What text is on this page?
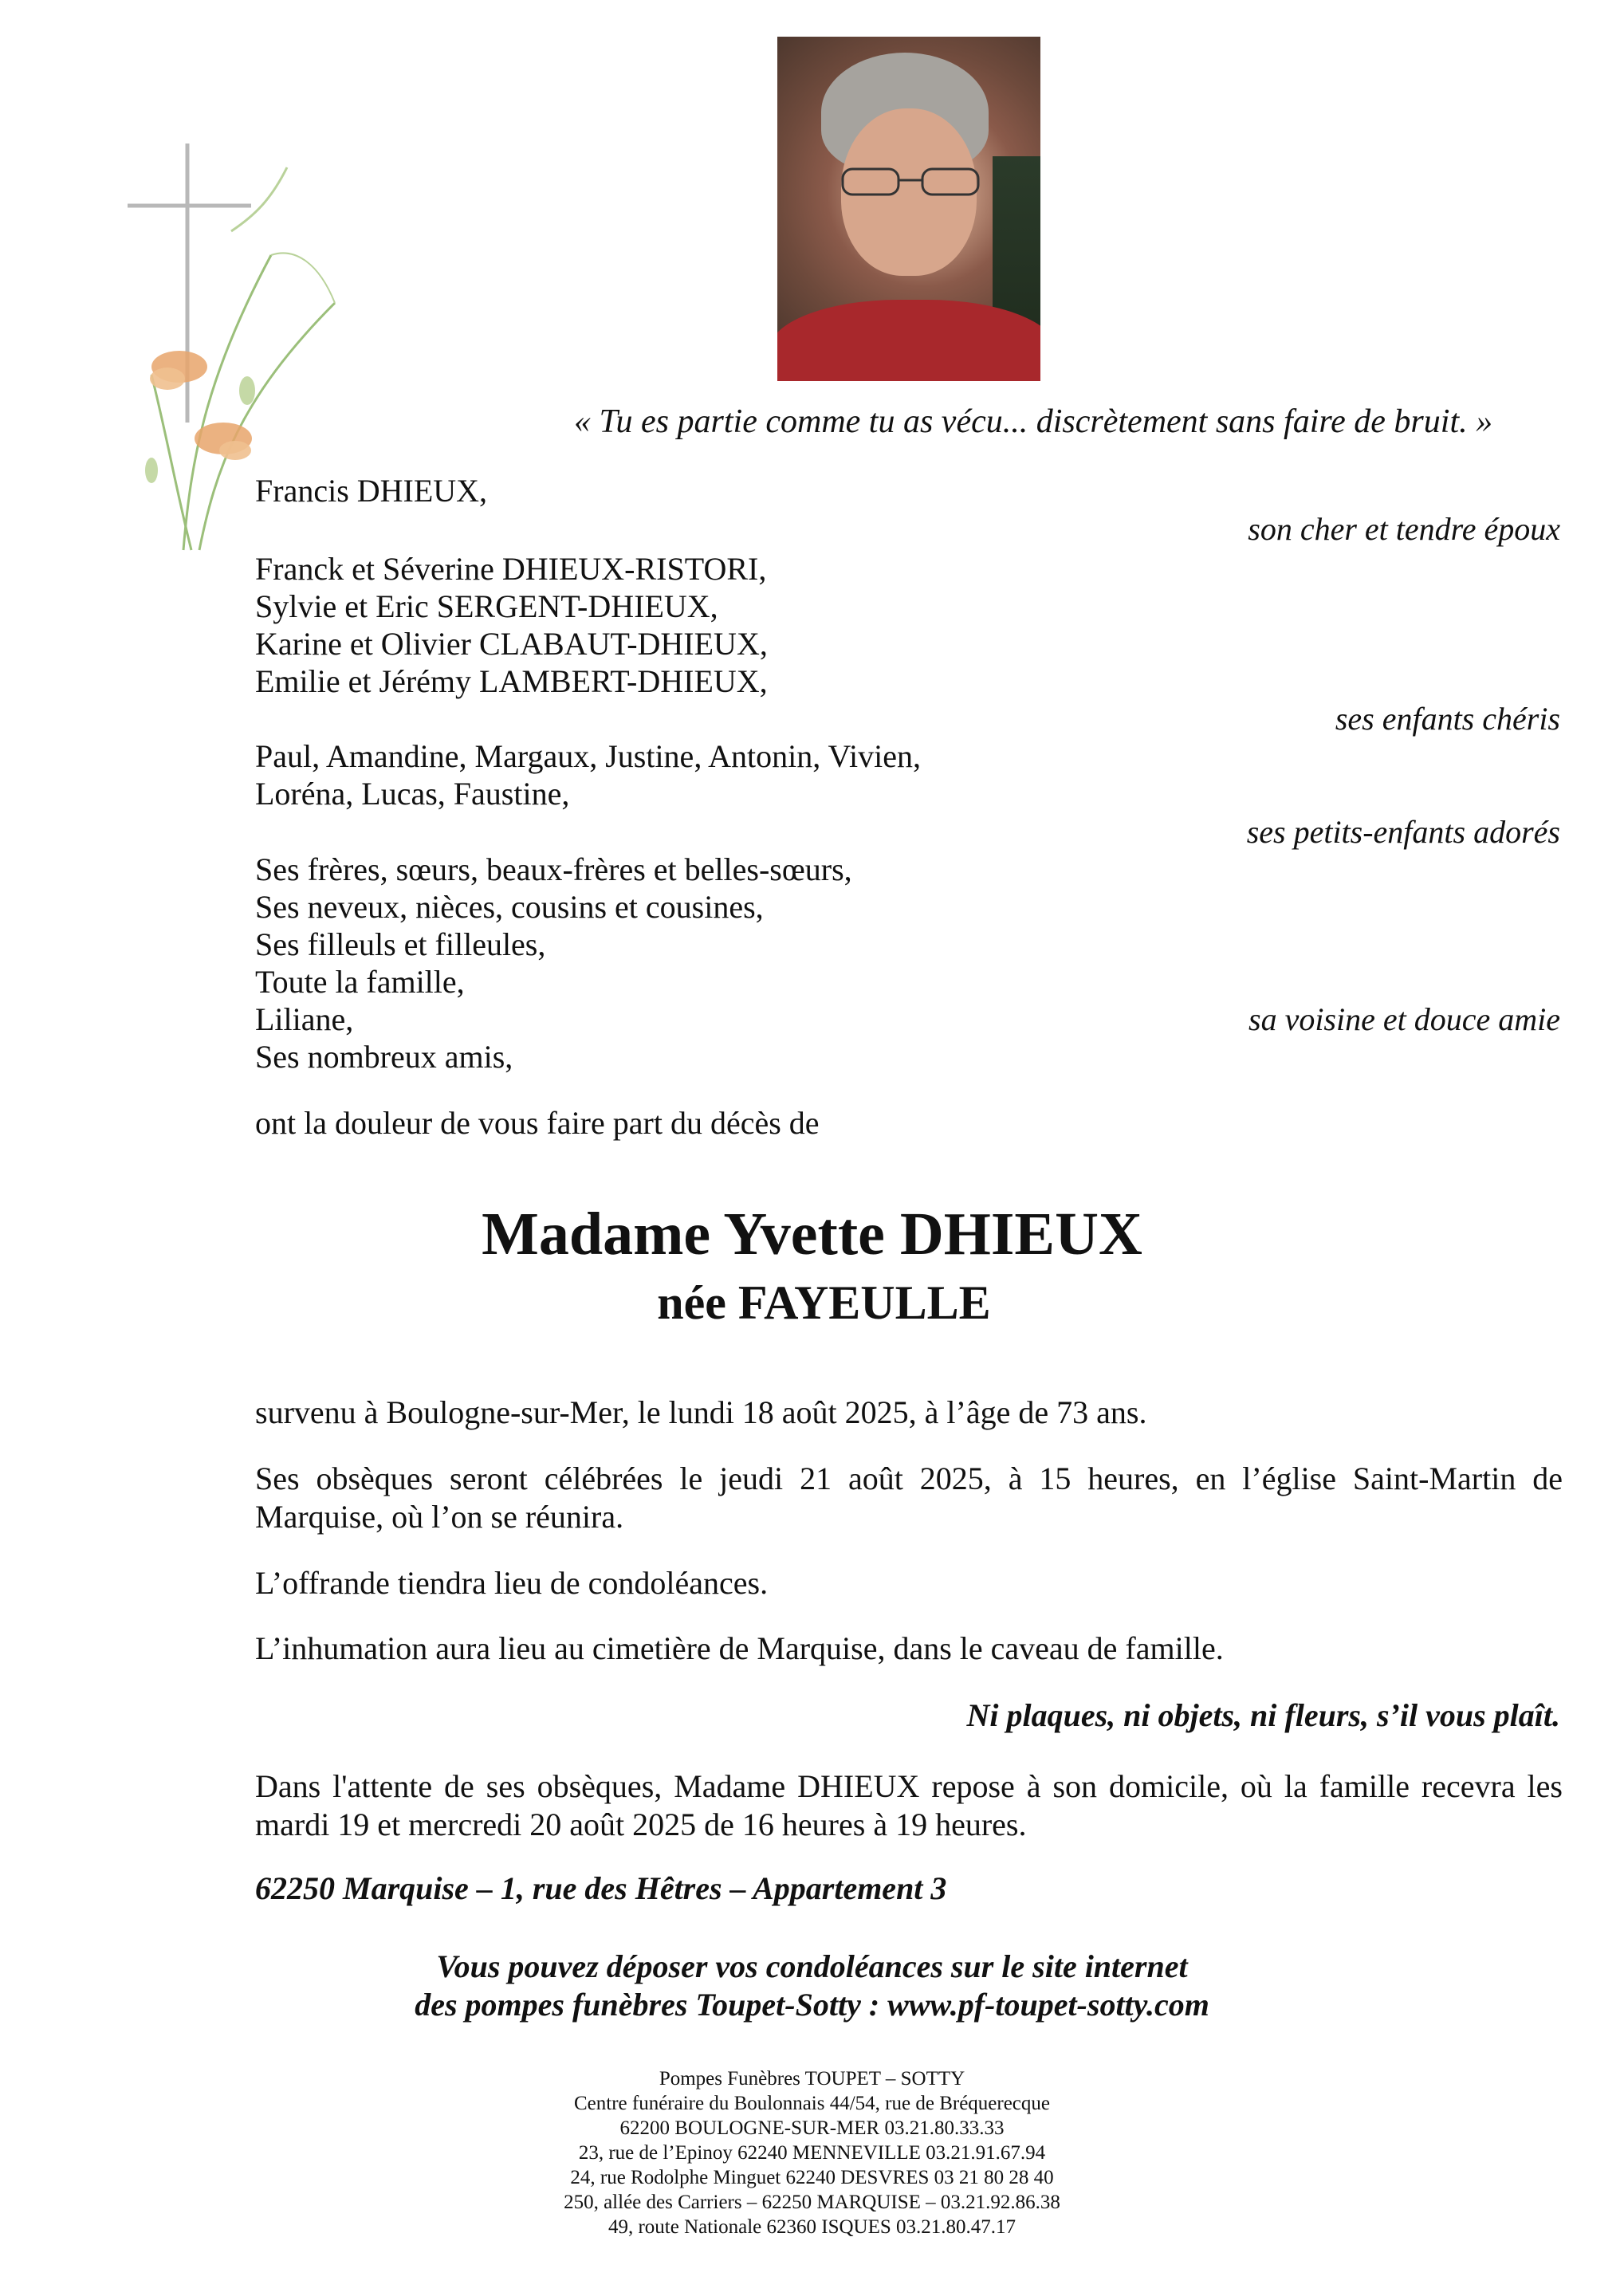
« Tu es partie comme tu as vécu... discrètement sans faire de bruit. »
Francis DHIEUX,
son cher et tendre époux
Franck et Séverine DHIEUX-RISTORI,
Sylvie et Eric SERGENT-DHIEUX,
Karine et Olivier CLABAUT-DHIEUX,
Emilie et Jérémy LAMBERT-DHIEUX,
ses enfants chéris
Paul, Amandine, Margaux, Justine, Antonin, Vivien,
Loréna, Lucas, Faustine,
ses petits-enfants adorés
Ses frères, sœurs, beaux-frères et belles-sœurs,
Ses neveux, nièces, cousins et cousines,
Ses filleuls et filleules,
Toute la famille,
Liliane,	sa voisine et douce amie
Ses nombreux amis,
ont la douleur de vous faire part du décès de
Madame Yvette DHIEUX
née FAYEULLE
survenu à Boulogne-sur-Mer, le lundi 18 août 2025, à l’âge de 73 ans.
Ses obsèques seront célébrées le jeudi 21 août 2025, à 15 heures, en l’église Saint-Martin de Marquise, où l’on se réunira.
L’offrande tiendra lieu de condoléances.
L’inhumation aura lieu au cimetière de Marquise, dans le caveau de famille.
Ni plaques, ni objets, ni fleurs, s’il vous plaît.
Dans l'attente de ses obsèques, Madame DHIEUX repose à son domicile, où la famille recevra les mardi 19 et mercredi 20 août 2025 de 16 heures à 19 heures.
62250 Marquise – 1, rue des Hêtres – Appartement 3
Vous pouvez déposer vos condoléances sur le site internet
des pompes funèbres Toupet-Sotty : www.pf-toupet-sotty.com
Pompes Funèbres TOUPET – SOTTY
Centre funéraire du Boulonnais 44/54, rue de Bréquerecque
62200 BOULOGNE-SUR-MER 03.21.80.33.33
23, rue de l’Epinoy 62240 MENNEVILLE 03.21.91.67.94
24, rue Rodolphe Minguet 62240 DESVRES 03 21 80 28 40
250, allée des Carriers – 62250 MARQUISE – 03.21.92.86.38
49, route Nationale 62360 ISQUES 03.21.80.47.17
